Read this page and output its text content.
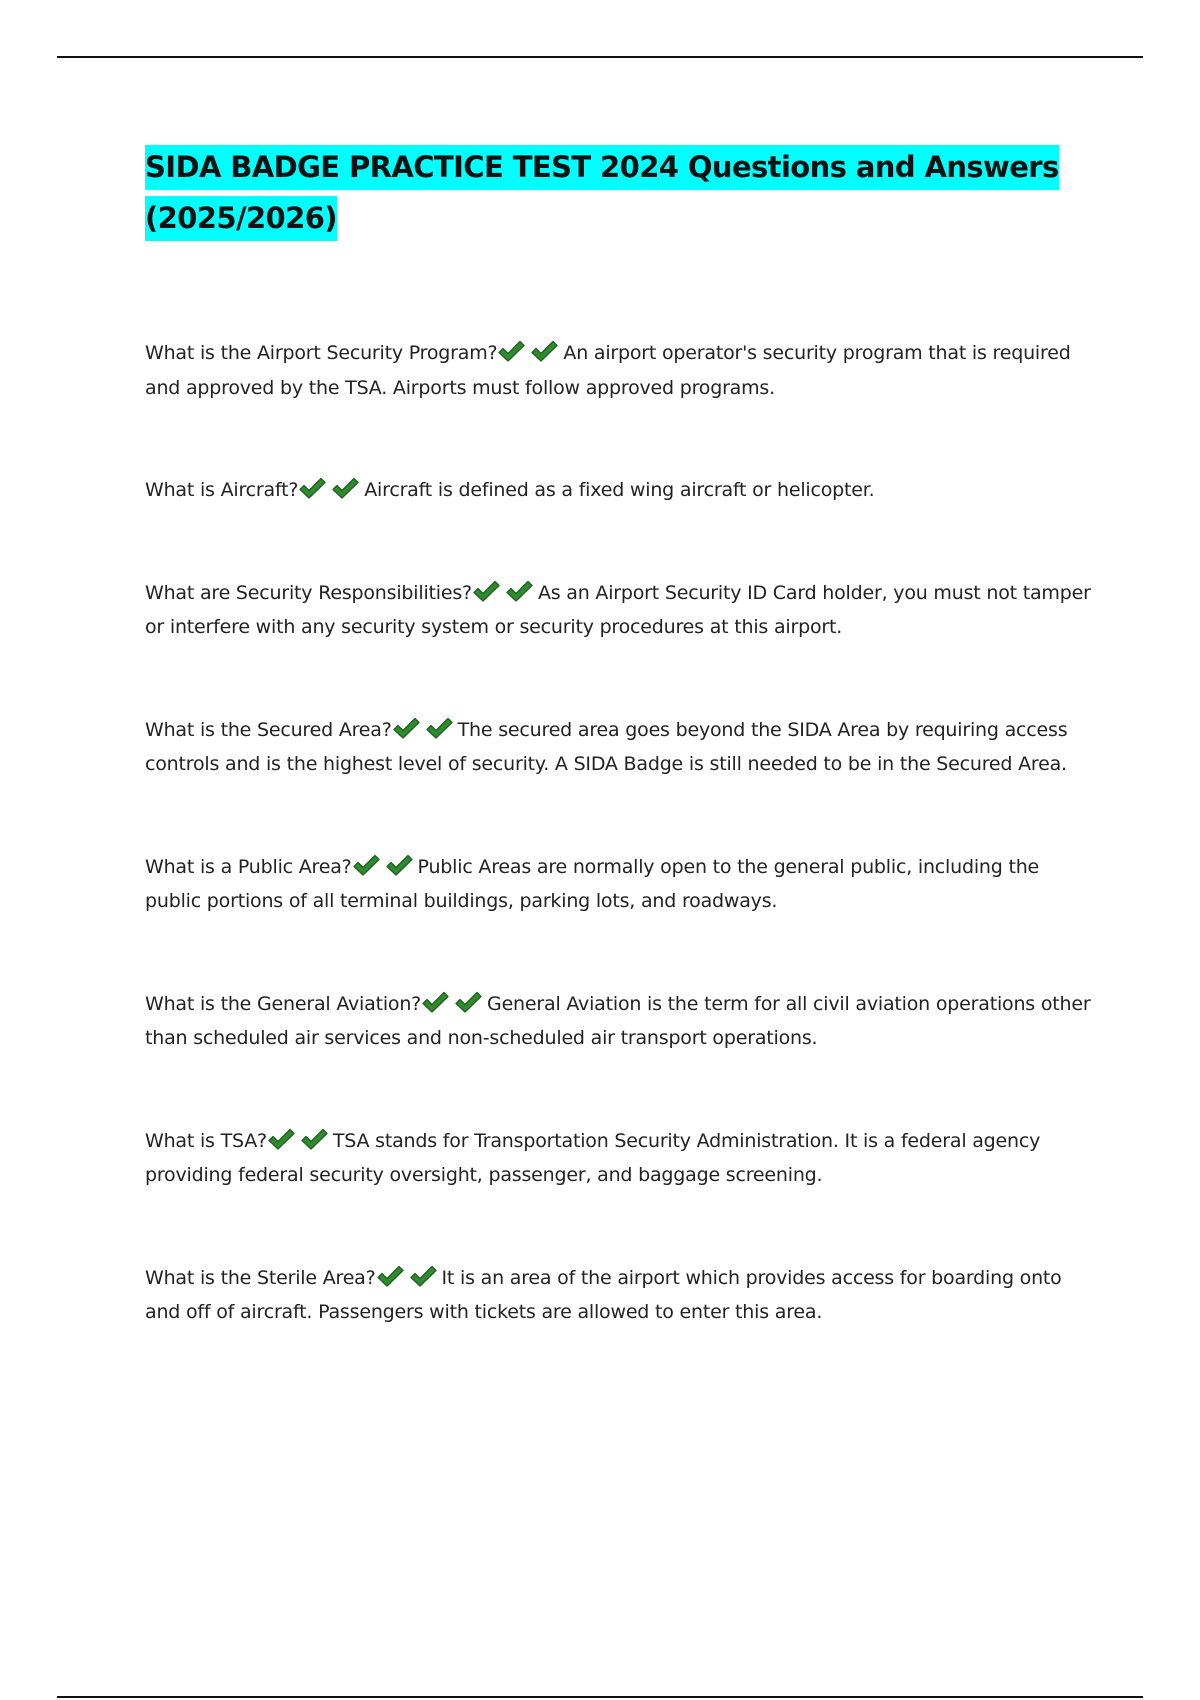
SIDA BADGE PRACTICE TEST 2024 Questions and Answers (2025/2026)

What is the Airport Security Program?	An airport operator's security program that is required and approved by the TSA. Airports must follow approved programs.

What is Aircraft?	Aircraft is defined as a fixed wing aircraft or helicopter.

What are Security Responsibilities?	As an Airport Security ID Card holder, you must not tamper or interfere with any security system or security procedures at this airport.

What is the Secured Area?	The secured area goes beyond the SIDA Area by requiring access controls and is the highest level of security. A SIDA Badge is still needed to be in the Secured Area.

What is a Public Area?	Public Areas are normally open to the general public, including the public portions of all terminal buildings, parking lots, and roadways.

What is the General Aviation?	General Aviation is the term for all civil aviation operations other than scheduled air services and non-scheduled air transport operations.

What is TSA?	TSA stands for Transportation Security Administration. It is a federal agency providing federal security oversight, passenger, and baggage screening.

What is the Sterile Area?	It is an area of the airport which provides access for boarding onto and off of aircraft. Passengers with tickets are allowed to enter this area.
